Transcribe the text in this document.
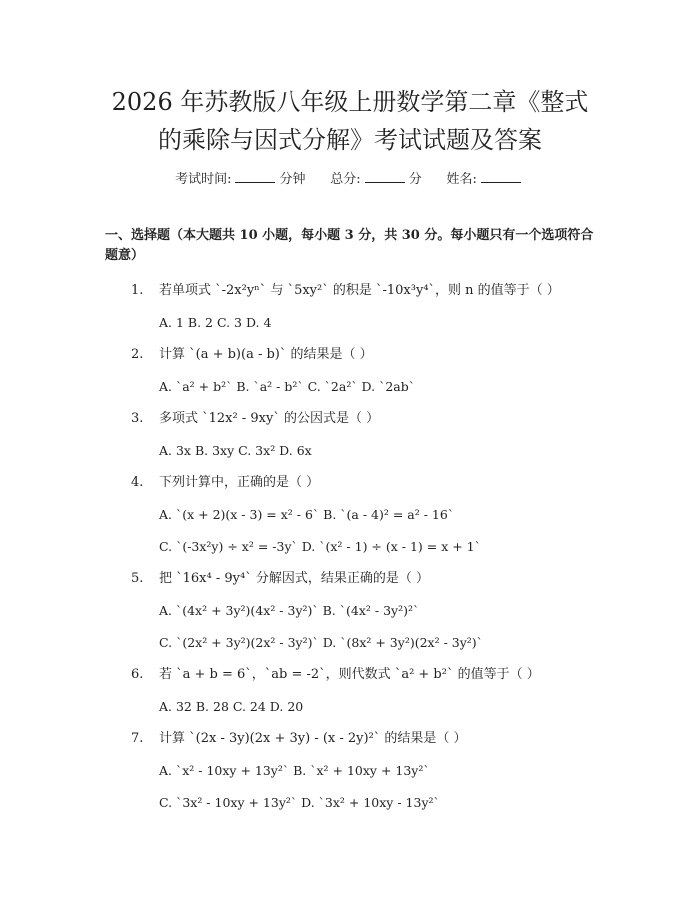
2026 年苏教版八年级上册数学第二章《整式
的乘除与因式分解》考试试题及答案
考试时间:	分钟 总分:	分 姓名:
一、选择题（本大题共 10 小题，每小题 3 分，共 30 分。每小题只有一个选项符合题意）
1. 若单项式 `-2x²yⁿ` 与 `5xy²` 的积是 `-10x³y⁴`，则 n 的值等于（ ）
A. 1 B. 2 C. 3 D. 4
2. 计算 `(a + b)(a - b)` 的结果是（ ）
A. `a² + b²` B. `a² - b²` C. `2a²` D. `2ab`
3. 多项式 `12x² - 9xy` 的公因式是（ ）
A. 3x B. 3xy C. 3x² D. 6x
4. 下列计算中，正确的是（ ）
A. `(x + 2)(x - 3) = x² - 6` B. `(a - 4)² = a² - 16`
C. `(-3x²y) ÷ x² = -3y` D. `(x² - 1) ÷ (x - 1) = x + 1`
5. 把 `16x⁴ - 9y⁴` 分解因式，结果正确的是（ ）
A. `(4x² + 3y²)(4x² - 3y²)` B. `(4x² - 3y²)²`
C. `(2x² + 3y²)(2x² - 3y²)` D. `(8x² + 3y²)(2x² - 3y²)`
6. 若 `a + b = 6`，`ab = -2`，则代数式 `a² + b²` 的值等于（ ）
A. 32 B. 28 C. 24 D. 20
7. 计算 `(2x - 3y)(2x + 3y) - (x - 2y)²` 的结果是（ ）
A. `x² - 10xy + 13y²` B. `x² + 10xy + 13y²`
C. `3x² - 10xy + 13y²` D. `3x² + 10xy - 13y²`
